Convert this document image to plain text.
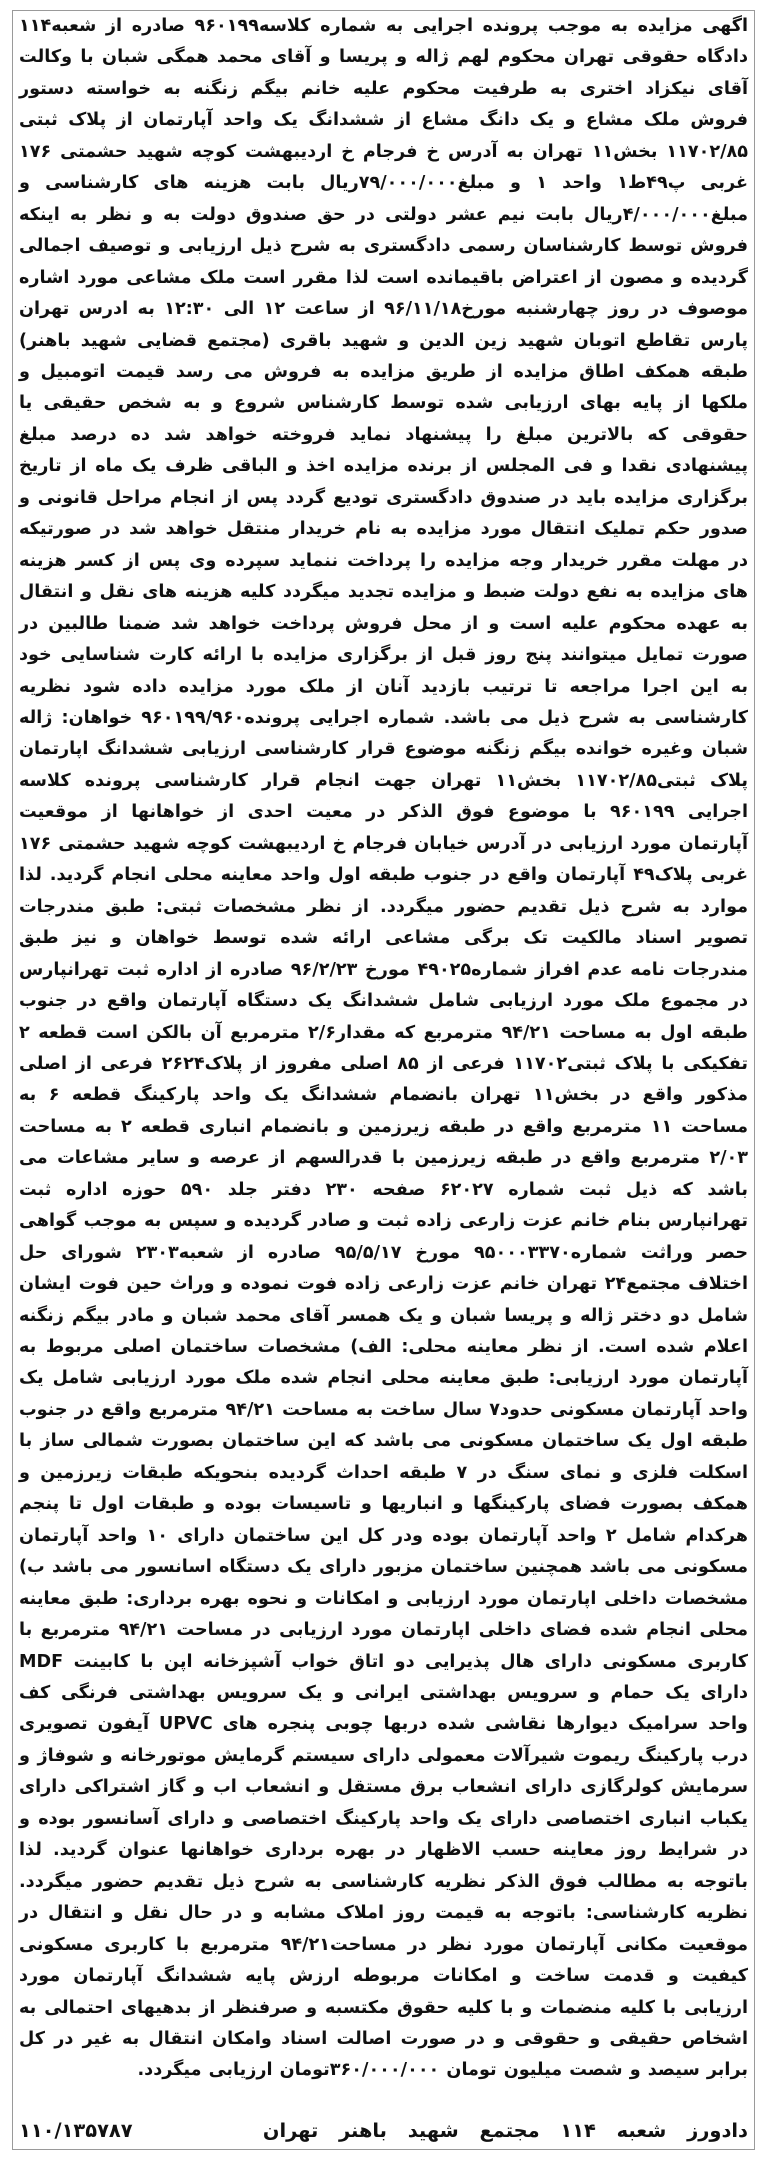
اگهی مزایده به موجب پرونده اجرایی به شماره کلاسه۹۶۰۱۹۹ صادره از شعبه۱۱۴ دادگاه حقوقی تهران محکوم لهم ژاله و پریسا و آقای محمد همگی شبان با وکالت آقای نیکزاد اختری به طرفیت محکوم علیه خانم بیگم زنگنه به خواسته دستور فروش ملک مشاع و یک دانگ مشاع از ششدانگ یک واحد آپارتمان از پلاک ثبتی ۱۱۷۰۲/۸۵ بخش۱۱ تهران به آدرس خ فرجام خ اردیبهشت کوچه شهید حشمتی ۱۷۶ غربی پ۴۹ط۱ واحد ۱ و مبلغ۷۹/۰۰۰/۰۰۰ریال بابت هزینه های کارشناسی و مبلغ۴/۰۰۰/۰۰۰ریال بابت نیم عشر دولتی در حق صندوق دولت به و نظر به اینکه فروش توسط کارشناسان رسمی دادگستری به شرح ذیل ارزیابی و توصیف اجمالی گردیده و مصون از اعتراض باقیمانده است لذا مقرر است ملک مشاعی مورد اشاره موصوف در روز چهارشنبه مورخ۹۶/۱۱/۱۸ از ساعت ۱۲ الی ۱۲:۳۰ به ادرس تهران پارس تقاطع اتوبان شهید زین الدین و شهید باقری (مجتمع قضایی شهید باهنر) طبقه همکف اطاق مزایده از طریق مزایده به فروش می رسد قیمت اتومبیل و ملکها از پایه بهای ارزیابی شده توسط کارشناس شروع و به شخص حقیقی یا حقوقی که بالاترین مبلغ را پیشنهاد نماید فروخته خواهد شد ده درصد مبلغ پیشنهادی نقدا و فی المجلس از برنده مزایده اخذ و الباقی ظرف یک ماه از تاریخ برگزاری مزایده باید در صندوق دادگستری تودیع گردد پس از انجام مراحل قانونی و صدور حکم تملیک انتقال مورد مزایده به نام خریدار منتقل خواهد شد در صورتیکه در مهلت مقرر خریدار وجه مزایده را پرداخت ننماید سپرده وی پس از کسر هزینه های مزایده به نفع دولت ضبط و مزایده تجدید میگردد کلیه هزینه های نقل و انتقال به عهده محکوم علیه است و از محل فروش پرداخت خواهد شد ضمنا طالبین در صورت تمایل میتوانند پنج روز قبل از برگزاری مزایده با ارائه کارت شناسایی خود به این اجرا مراجعه تا ترتیب بازدید آنان از ملک مورد مزایده داده شود نظریه کارشناسی به شرح ذیل می باشد. شماره اجرایی پرونده۹۶۰۱۹۹/۹۶۰ خواهان: ژاله شبان وغیره خوانده بیگم زنگنه موضوع قرار کارشناسی ارزیابی ششدانگ اپارتمان پلاک ثبتی۱۱۷۰۲/۸۵ بخش۱۱ تهران جهت انجام قرار کارشناسی پرونده کلاسه اجرایی ۹۶۰۱۹۹ با موضوع فوق الذکر در معیت احدی از خواهانها از موقعیت آپارتمان مورد ارزیابی در آدرس خیابان فرجام خ اردیبهشت کوچه شهید حشمتی ۱۷۶ غربی پلاک۴۹ آپارتمان واقع در جنوب طبقه اول واحد معاینه محلی انجام گردید. لذا موارد به شرح ذیل تقدیم حضور میگردد. از نظر مشخصات ثبتی: طبق مندرجات تصویر اسناد مالکیت تک برگی مشاعی ارائه شده توسط خواهان و نیز طبق مندرجات نامه عدم افراز شماره۴۹۰۲۵ مورخ ۹۶/۲/۲۳ صادره از اداره ثبت تهرانپارس در مجموع ملک مورد ارزیابی شامل ششدانگ یک دستگاه آپارتمان واقع در جنوب طبقه اول به مساحت ۹۴/۲۱ مترمربع که مقدار۲/۶ مترمربع آن بالکن است قطعه ۲ تفکیکی با پلاک ثبتی۱۱۷۰۲ فرعی از ۸۵ اصلی مفروز از پلاک۲۶۲۴ فرعی از اصلی مذکور واقع در بخش۱۱ تهران بانضمام ششدانگ یک واحد پارکینگ قطعه ۶ به مساحت ۱۱ مترمربع واقع در طبقه زیرزمین و بانضمام انباری قطعه ۲ به مساحت ۲/۰۳ مترمربع واقع در طبقه زیرزمین با قدرالسهم از عرصه و سایر مشاعات می باشد که ذیل ثبت شماره ۶۲۰۲۷ صفحه ۲۳۰ دفتر جلد ۵۹۰ حوزه اداره ثبت تهرانپارس بنام خانم عزت زارعی زاده ثبت و صادر گردیده و سپس به موجب گواهی حصر وراثت شماره۹۵۰۰۰۳۳۷۰ مورخ ۹۵/۵/۱۷ صادره از شعبه۲۳۰۳ شورای حل اختلاف مجتمع۲۴ تهران خانم عزت زارعی زاده فوت نموده و وراث حین فوت ایشان شامل دو دختر ژاله و پریسا شبان و یک همسر آقای محمد شبان و مادر بیگم زنگنه اعلام شده است. از نظر معاینه محلی: الف) مشخصات ساختمان اصلی مربوط به آپارتمان مورد ارزیابی: طبق معاینه محلی انجام شده ملک مورد ارزیابی شامل یک واحد آپارتمان مسکونی حدود۷ سال ساخت به مساحت ۹۴/۲۱ مترمربع واقع در جنوب طبقه اول یک ساختمان مسکونی می باشد که این ساختمان بصورت شمالی ساز با اسکلت فلزی و نمای سنگ در ۷ طبقه احداث گردیده بنحویکه طبقات زیرزمین و همکف بصورت فضای پارکینگها و انباریها و تاسیسات بوده و طبقات اول تا پنجم هرکدام شامل ۲ واحد آپارتمان بوده ودر کل این ساختمان دارای ۱۰ واحد آپارتمان مسکونی می باشد همچنین ساختمان مزبور دارای یک دستگاه اسانسور می باشد ب) مشخصات داخلی اپارتمان مورد ارزیابی و امکانات و نحوه بهره برداری: طبق معاینه محلی انجام شده فضای داخلی اپارتمان مورد ارزیابی در مساحت ۹۴/۲۱ مترمربع با کاربری مسکونی دارای هال پذیرایی دو اتاق خواب آشپزخانه اپن با کابینت MDF دارای یک حمام و سرویس بهداشتی ایرانی و یک سرویس بهداشتی فرنگی کف واحد سرامیک دیوارها نقاشی شده دربها چوبی پنجره های UPVC آیفون تصویری درب پارکینگ ریموت شیرآلات معمولی دارای سیستم گرمایش موتورخانه و شوفاژ و سرمایش کولرگازی دارای انشعاب برق مستقل و انشعاب اب و گاز اشتراکی دارای یکباب انباری اختصاصی دارای یک واحد پارکینگ اختصاصی و دارای آسانسور بوده و در شرایط روز معاینه حسب الاظهار در بهره برداری خواهانها عنوان گردید. لذا باتوجه به مطالب فوق الذکر نظریه کارشناسی به شرح ذیل تقدیم حضور میگردد. نظریه کارشناسی: باتوجه به قیمت روز املاک مشابه و در حال نقل و انتقال در موقعیت مکانی آپارتمان مورد نظر در مساحت۹۴/۲۱ مترمربع با کاربری مسکونی کیفیت و قدمت ساخت و امکانات مربوطه ارزش پایه ششدانگ آپارتمان مورد ارزیابی با کلیه منضمات و با کلیه حقوق مکتسبه و صرفنظر از بدهیهای احتمالی به اشخاص حقیقی و حقوقی و در صورت اصالت اسناد وامکان انتقال به غیر در کل برابر سیصد و شصت میلیون تومان ۳۶۰/۰۰۰/۰۰۰تومان ارزیابی میگردد.

دادورز شعبه ۱۱۴ مجتمع شهید باهنر تهران
۱۱۰/۱۳۵۷۸۷
